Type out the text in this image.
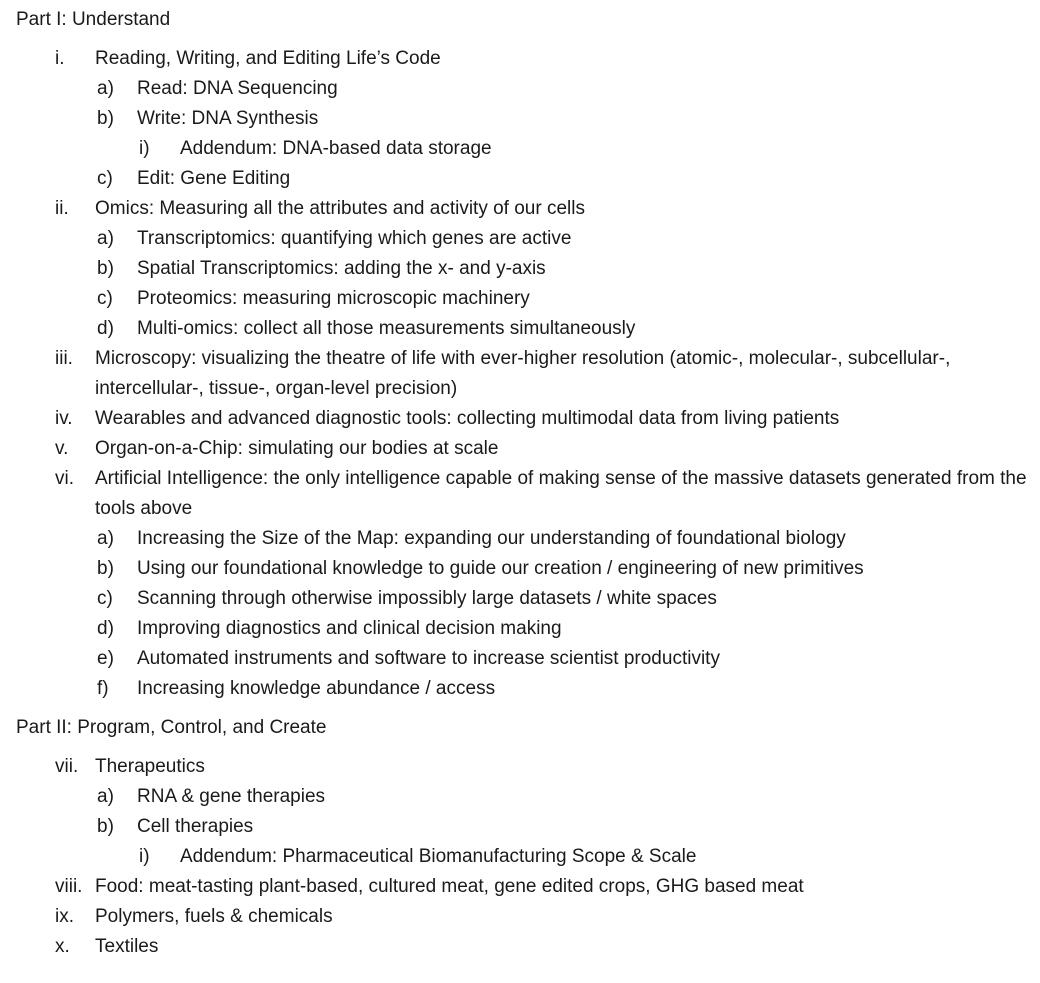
Part I: Understand
i.	Reading, Writing, and Editing Life’s Code
a)	Read: DNA Sequencing
b)	Write: DNA Synthesis
i)	Addendum: DNA-based data storage
c)	Edit: Gene Editing
ii.	Omics: Measuring all the attributes and activity of our cells
a)	Transcriptomics: quantifying which genes are active
b)	Spatial Transcriptomics: adding the x- and y-axis
c)	Proteomics: measuring microscopic machinery
d)	Multi-omics: collect all those measurements simultaneously
iii.	Microscopy: visualizing the theatre of life with ever-higher resolution (atomic-, molecular-, subcellular-, intercellular-, tissue-, organ-level precision)
iv.	Wearables and advanced diagnostic tools: collecting multimodal data from living patients
v.	Organ-on-a-Chip: simulating our bodies at scale
vi.	Artificial Intelligence: the only intelligence capable of making sense of the massive datasets generated from the tools above
a)	Increasing the Size of the Map: expanding our understanding of foundational biology
b)	Using our foundational knowledge to guide our creation / engineering of new primitives
c)	Scanning through otherwise impossibly large datasets / white spaces
d)	Improving diagnostics and clinical decision making
e)	Automated instruments and software to increase scientist productivity
f)	Increasing knowledge abundance / access
Part II: Program, Control, and Create
vii. Therapeutics
a)	RNA & gene therapies
b)	Cell therapies
i)	Addendum: Pharmaceutical Biomanufacturing Scope & Scale
viii. Food: meat-tasting plant-based, cultured meat, gene edited crops, GHG based meat
ix.	Polymers, fuels & chemicals
x.	Textiles
